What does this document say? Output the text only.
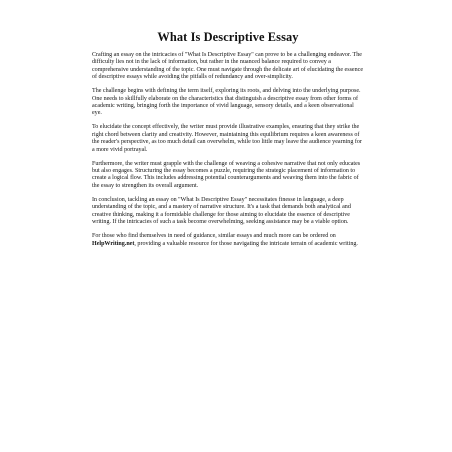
What Is Descriptive Essay

Crafting an essay on the intricacies of "What Is Descriptive Essay" can prove to be a challenging endeavor. The difficulty lies not in the lack of information, but rather in the nuanced balance required to convey a comprehensive understanding of the topic. One must navigate through the delicate art of elucidating the essence of descriptive essays while avoiding the pitfalls of redundancy and over-simplicity.

The challenge begins with defining the term itself, exploring its roots, and delving into the underlying purpose. One needs to skillfully elaborate on the characteristics that distinguish a descriptive essay from other forms of academic writing, bringing forth the importance of vivid language, sensory details, and a keen observational eye.

To elucidate the concept effectively, the writer must provide illustrative examples, ensuring that they strike the right chord between clarity and creativity. However, maintaining this equilibrium requires a keen awareness of the reader's perspective, as too much detail can overwhelm, while too little may leave the audience yearning for a more vivid portrayal.

Furthermore, the writer must grapple with the challenge of weaving a cohesive narrative that not only educates but also engages. Structuring the essay becomes a puzzle, requiring the strategic placement of information to create a logical flow. This includes addressing potential counterarguments and weaving them into the fabric of the essay to strengthen its overall argument.

In conclusion, tackling an essay on "What Is Descriptive Essay" necessitates finesse in language, a deep understanding of the topic, and a mastery of narrative structure. It's a task that demands both analytical and creative thinking, making it a formidable challenge for those aiming to elucidate the essence of descriptive writing. If the intricacies of such a task become overwhelming, seeking assistance may be a viable option.

For those who find themselves in need of guidance, similar essays and much more can be ordered on HelpWriting.net, providing a valuable resource for those navigating the intricate terrain of academic writing.
